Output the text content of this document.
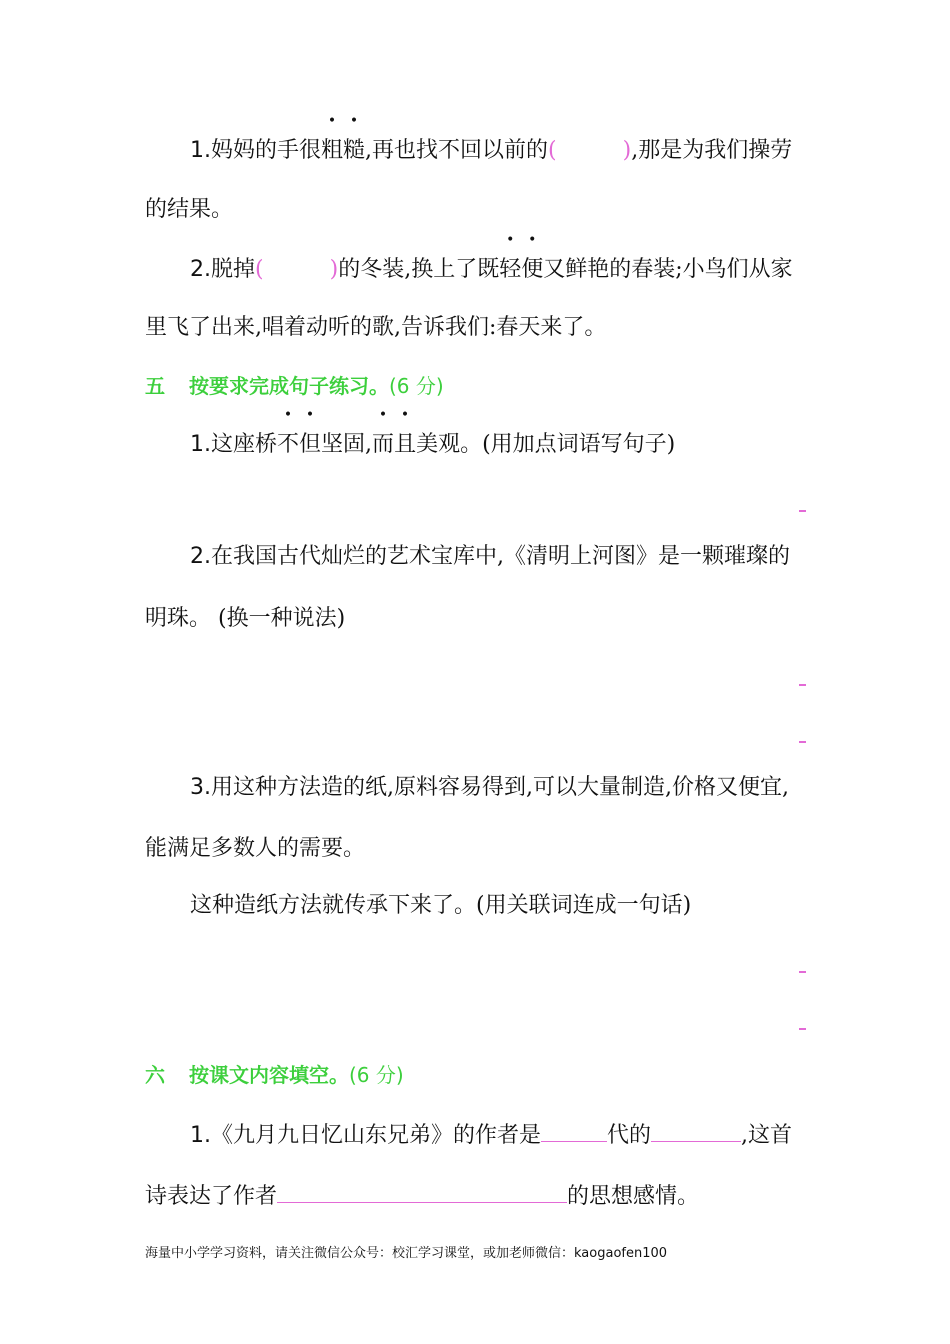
1.妈妈的手很粗糙,再也找不回以前的(	),那是为我们操劳
的结果。
2.脱掉(	)的冬装,换上了既轻便又鲜艳的春装;小鸟们从家
里飞了出来,唱着动听的歌,告诉我们:春天来了。
五 按要求完成句子练习。(6 分)
1.这座桥不但坚固,而且美观。(用加点词语写句子)
2.在我国古代灿烂的艺术宝库中,《清明上河图》是一颗璀璨的
明珠。 (换一种说法)
3.用这种方法造的纸,原料容易得到,可以大量制造,价格又便宜,
能满足多数人的需要。
这种造纸方法就传承下来了。(用关联词连成一句话)
六 按课文内容填空。(6 分)
1.《九月九日忆山东兄弟》的作者是	代的	,这首
诗表达了作者	的思想感情。
海量中小学学习资料，请关注微信公众号：校汇学习课堂，或加老师微信：kaogaofen100
